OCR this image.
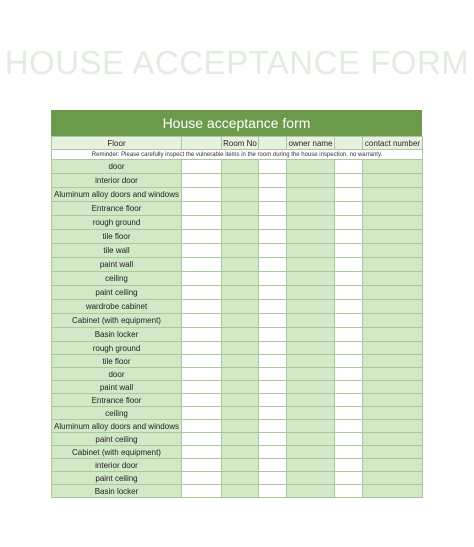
HOUSE ACCEPTANCE FORM
House acceptance form
Floor		Room No		owner name		contact number
Reminder: Please carefully inspect the vulnerable items in the room during the house inspection, no warranty.						
door						
interior door						
Aluminum alloy doors and windows						
Entrance floor						
rough ground						
tile floor						
tile wall						
paint wall						
ceiling						
paint ceiling						
wardrobe cabinet						
Cabinet (with equipment)						
Basin locker						
rough ground						
tile floor						
door						
paint wall						
Entrance floor						
ceiling						
Aluminum alloy doors and windows						
paint ceiling						
Cabinet (with equipment)						
interior door						
paint ceiling						
Basin locker						
